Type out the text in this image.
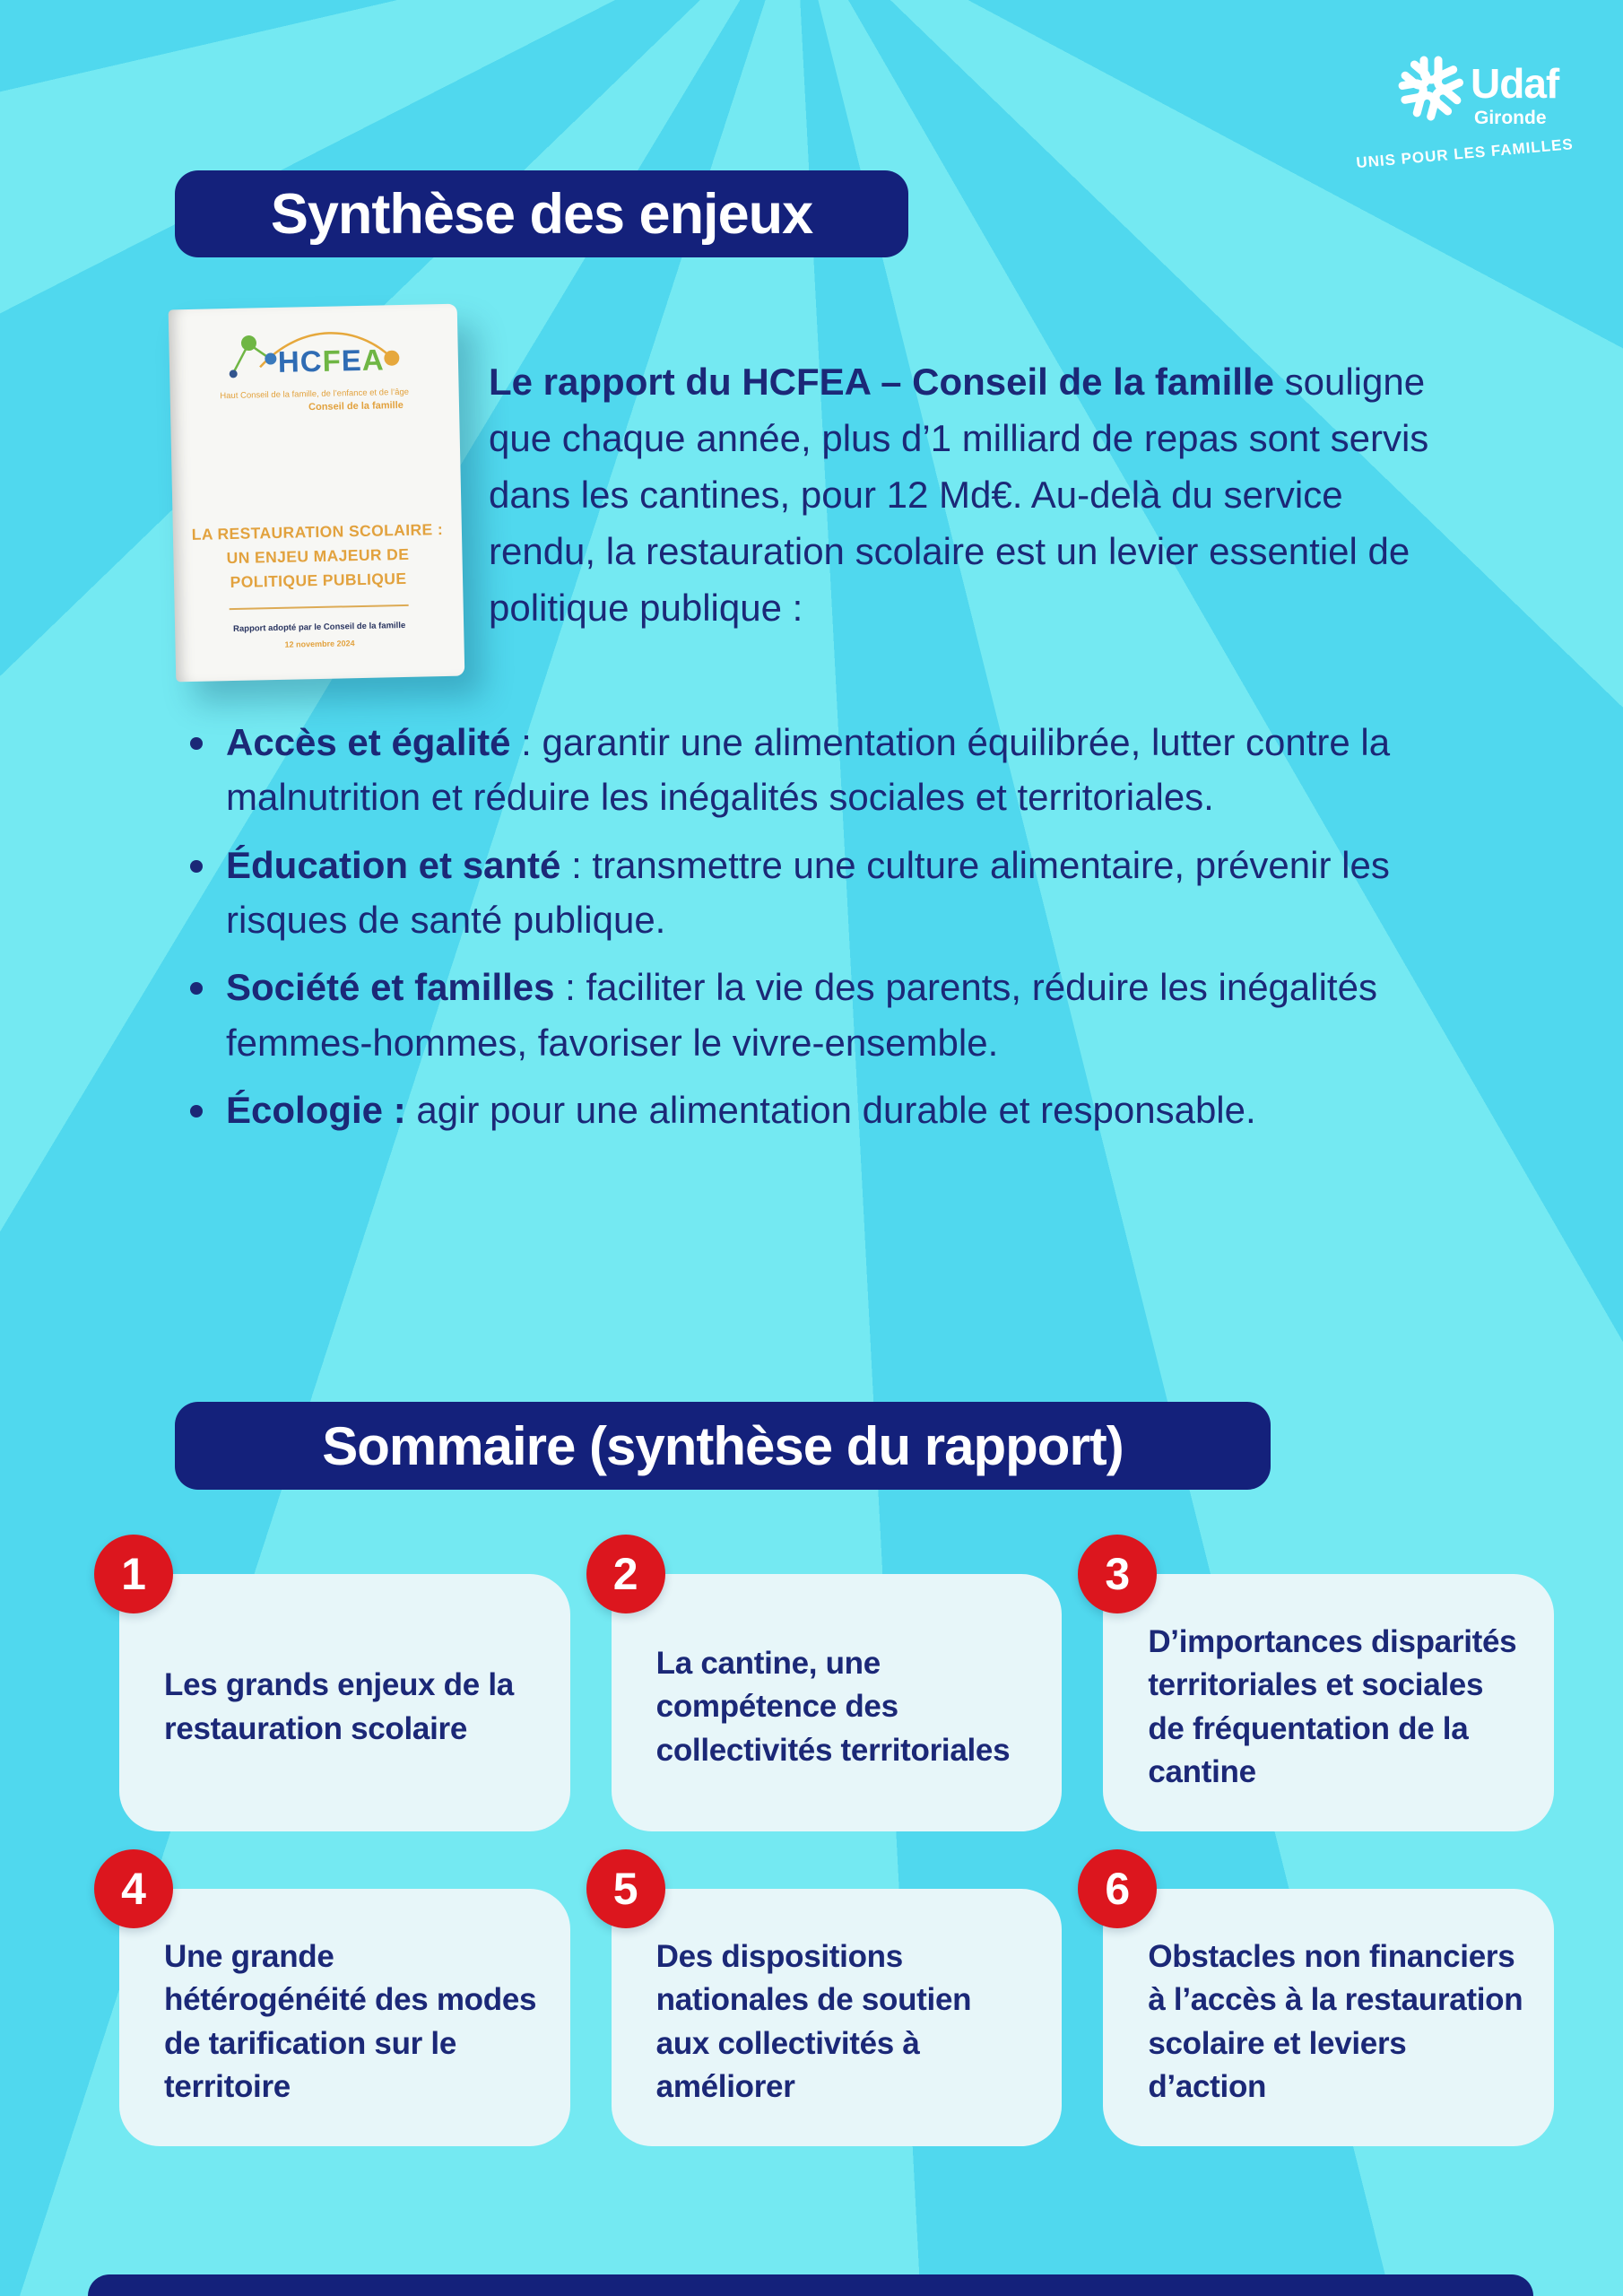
Udaf
Gironde
UNIS POUR LES FAMILLES
Synthèse des enjeux
HCFEA
Haut Conseil de la famille, de l’enfance et de l’âge
Conseil de la famille
LA RESTAURATION SCOLAIRE :
UN ENJEU MAJEUR DE
POLITIQUE PUBLIQUE
Rapport adopté par le Conseil de la famille
12 novembre 2024

Le rapport du HCFEA – Conseil de la famille souligne que chaque année, plus d’1 milliard de repas sont servis dans les cantines, pour 12 Md€. Au-delà du service rendu, la restauration scolaire est un levier essentiel de politique publique :

Accès et égalité : garantir une alimentation équilibrée, lutter contre la malnutrition et réduire les inégalités sociales et territoriales.
Éducation et santé : transmettre une culture alimentaire, prévenir les risques de santé publique.
Société et familles : faciliter la vie des parents, réduire les inégalités femmes-hommes, favoriser le vivre-ensemble.
Écologie : agir pour une alimentation durable et responsable.
Sommaire (synthèse du rapport)
1
Les grands enjeux de la restauration scolaire
2
La cantine, une compétence des collectivités territoriales
3
D’importances disparités territoriales et sociales de fréquentation de la cantine
4
Une grande hétérogénéité des modes de tarification sur le territoire
5
Des dispositions nationales de soutien aux collectivités à améliorer
6
Obstacles non financiers à l’accès à la restauration scolaire et leviers d’action
